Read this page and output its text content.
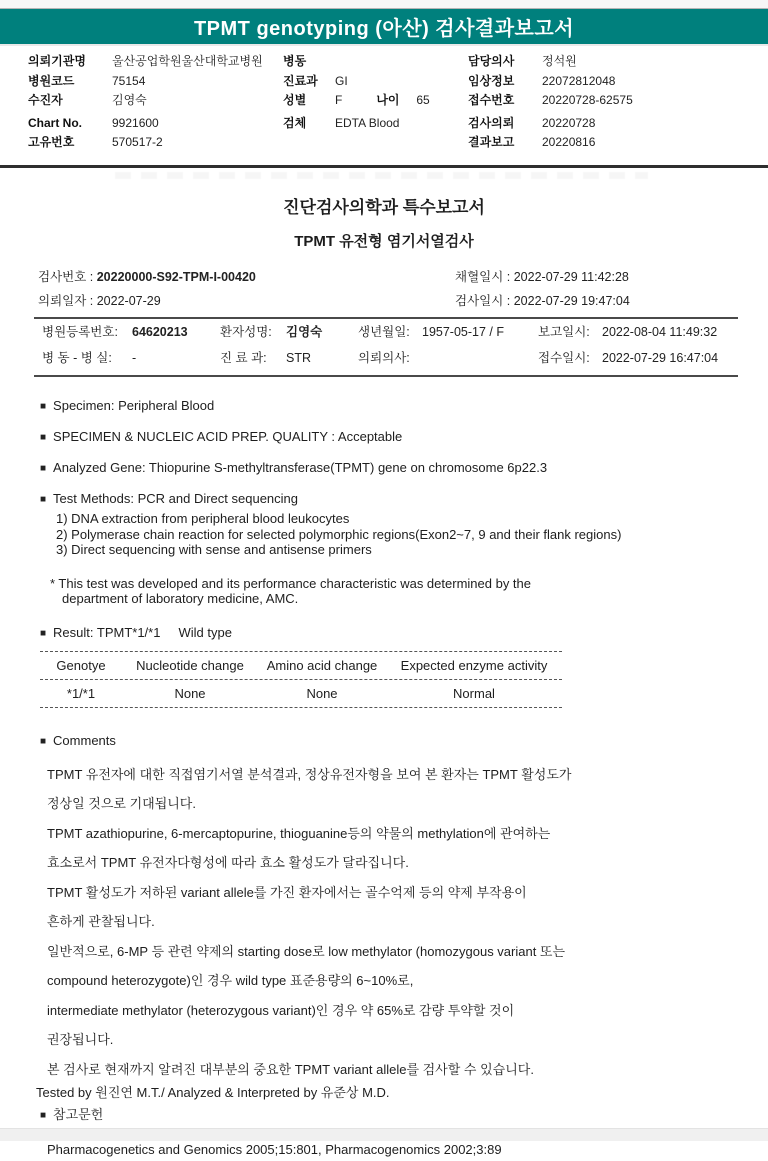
TPMT genotyping (아산) 검사결과보고서
의뢰기관명	울산공업학원울산대학교병원
병원코드	75154
수진자	김영숙
Chart No.	9921600
고유번호	570517-2
병동
진료과	GI
성별	F	나이	65
검체	EDTA Blood
담당의사	정석원
임상정보	22072812048
접수번호	20220728-62575
검사의뢰	20220728
결과보고	20220816
진단검사의학과 특수보고서
TPMT 유전형 염기서열검사
검사번호 : 20220000-S92-TPM-I-00420	채혈일시 : 2022-07-29 11:42:28
의뢰일자 : 2022-07-29	검사일시 : 2022-07-29 19:47:04
병원등록번호:	64620213	환자성명:	김영숙	생년월일: 1957-05-17 / F	보고일시: 2022-08-04 11:49:32
병 동 - 병 실:	-	진 료 과:	STR	의뢰의사:	접수일시: 2022-07-29 16:47:04
■ Specimen: Peripheral Blood
■ SPECIMEN & NUCLEIC ACID PREP. QUALITY : Acceptable
■ Analyzed Gene: Thiopurine S-methyltransferase(TPMT) gene on chromosome 6p22.3
■ Test Methods: PCR and Direct sequencing
1) DNA extraction from peripheral blood leukocytes
2) Polymerase chain reaction for selected polymorphic regions(Exon2~7, 9 and their flank regions)
3) Direct sequencing with sense and antisense primers
* This test was developed and its performance characteristic was determined by the
department of laboratory medicine, AMC.
■ Result: TPMT*1/*1 Wild type
Genotye	Nucleotide change	Amino acid change	Expected enzyme activity
*1/*1	None	None	Normal
■ Comments
TPMT 유전자에 대한 직접염기서열 분석결과, 정상유전자형을 보여 본 환자는 TPMT 활성도가
정상일 것으로 기대됩니다.
TPMT azathiopurine, 6-mercaptopurine, thioguanine등의 약물의 methylation에 관여하는
효소로서 TPMT 유전자다형성에 따라 효소 활성도가 달라집니다.
TPMT 활성도가 저하된 variant allele를 가진 환자에서는 골수억제 등의 약제 부작용이
흔하게 관찰됩니다.
일반적으로, 6-MP 등 관련 약제의 starting dose로 low methylator (homozygous variant 또는
compound heterozygote)인 경우 wild type 표준용량의 6~10%로,
intermediate methylator (heterozygous variant)인 경우 약 65%로 감량 투약할 것이
권장됩니다.
본 검사로 현재까지 알려진 대부분의 중요한 TPMT variant allele를 검사할 수 있습니다.
■ 참고문헌
Pharmacogenetics and Genomics 2005;15:801, Pharmacogenomics 2002;3:89
Tested by 원진연 M.T./ Analyzed & Interpreted by 유준상 M.D.
